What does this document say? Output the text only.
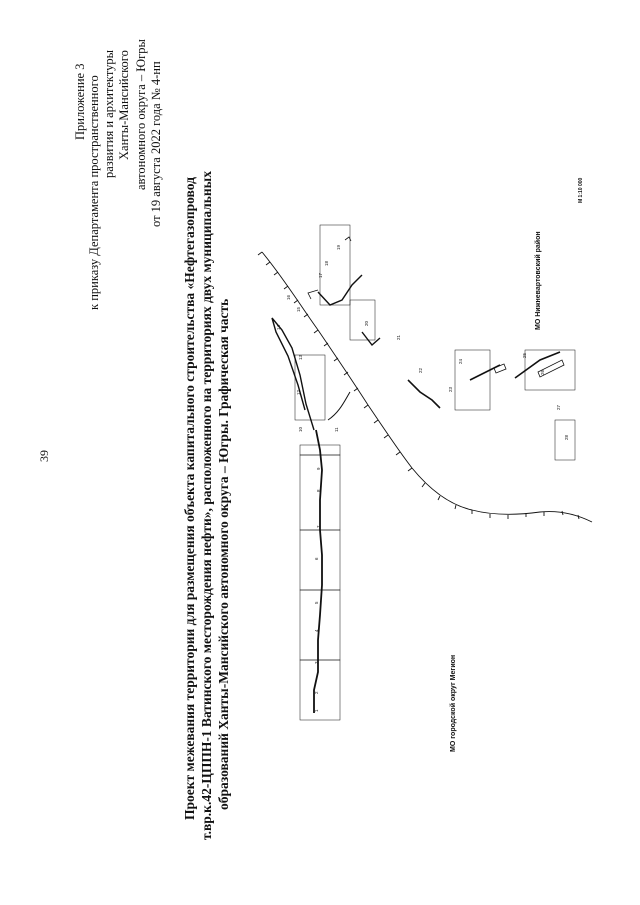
39
Приложение 3 к приказу Департамента пространственного развития и архитектуры Ханты-Мансийского автономного округа – Югры от 19 августа 2022 года № 4-нп
Проект межевания территории для размещения объекта капитального строительства «Нефтегазопровод т.вр.к.42-ЦППН-1 Ватинского месторождения нефти», расположенного на территориях двух муниципальных образований Ханты-Мансийского автономного округа – Югры. Графическая часть	1
2
3
4
5
6
7
8
9
10	11
12
13
14
15
16
17
18
19
20
21
22
23
24
25
26
27
28
МО городской округ Мегион
МО Нижневартовский район
М 1:10 000
